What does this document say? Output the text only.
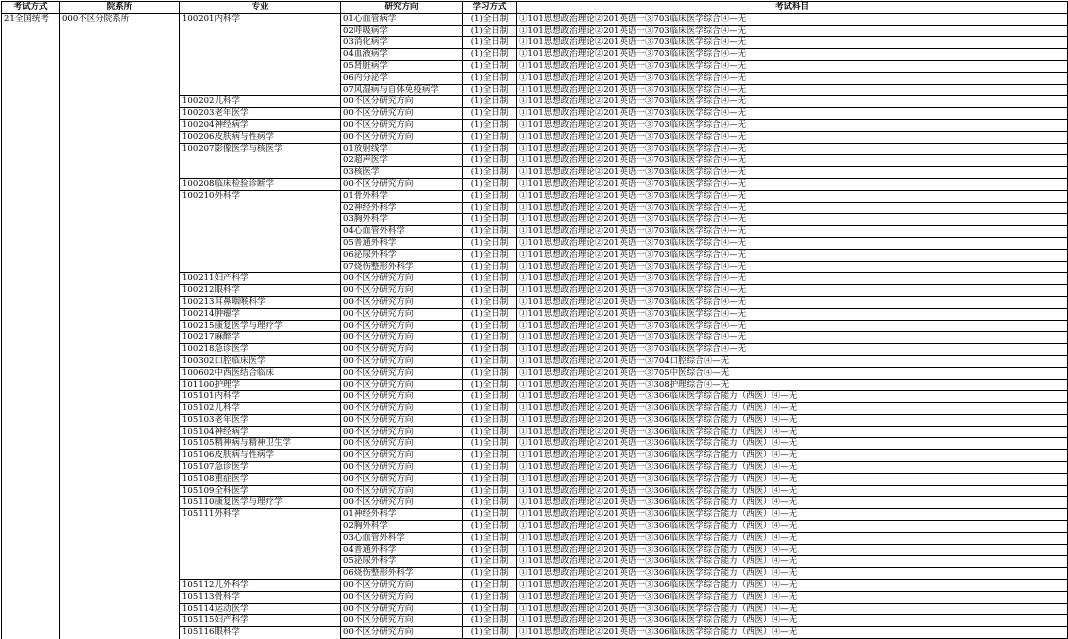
考试方式	院系所	专业	研究方向	学习方式	考试科目
21全国统考	000不区分院系所	100201内科学	01心血管病学	(1)全日制	①101思想政治理论②201英语一③703临床医学综合④—无
			02呼吸病学	(1)全日制	①101思想政治理论②201英语一③703临床医学综合④—无
			03消化病学	(1)全日制	①101思想政治理论②201英语一③703临床医学综合④—无
			04血液病学	(1)全日制	①101思想政治理论②201英语一③703临床医学综合④—无
			05肾脏病学	(1)全日制	①101思想政治理论②201英语一③703临床医学综合④—无
			06内分泌学	(1)全日制	①101思想政治理论②201英语一③703临床医学综合④—无
			07风湿病与自体免疫病学	(1)全日制	①101思想政治理论②201英语一③703临床医学综合④—无
		100202儿科学	00不区分研究方向	(1)全日制	①101思想政治理论②201英语一③703临床医学综合④—无
		100203老年医学	00不区分研究方向	(1)全日制	①101思想政治理论②201英语一③703临床医学综合④—无
		100204神经病学	00不区分研究方向	(1)全日制	①101思想政治理论②201英语一③703临床医学综合④—无
		100206皮肤病与性病学	00不区分研究方向	(1)全日制	①101思想政治理论②201英语一③703临床医学综合④—无
		100207影像医学与核医学	01放射线学	(1)全日制	①101思想政治理论②201英语一③703临床医学综合④—无
			02超声医学	(1)全日制	①101思想政治理论②201英语一③703临床医学综合④—无
			03核医学	(1)全日制	①101思想政治理论②201英语一③703临床医学综合④—无
		100208临床检验诊断学	00不区分研究方向	(1)全日制	①101思想政治理论②201英语一③703临床医学综合④—无
		100210外科学	01骨外科学	(1)全日制	①101思想政治理论②201英语一③703临床医学综合④—无
			02神经外科学	(1)全日制	①101思想政治理论②201英语一③703临床医学综合④—无
			03胸外科学	(1)全日制	①101思想政治理论②201英语一③703临床医学综合④—无
			04心血管外科学	(1)全日制	①101思想政治理论②201英语一③703临床医学综合④—无
			05普通外科学	(1)全日制	①101思想政治理论②201英语一③703临床医学综合④—无
			06泌尿外科学	(1)全日制	①101思想政治理论②201英语一③703临床医学综合④—无
			07烧伤整形外科学	(1)全日制	①101思想政治理论②201英语一③703临床医学综合④—无
		100211妇产科学	00不区分研究方向	(1)全日制	①101思想政治理论②201英语一③703临床医学综合④—无
		100212眼科学	00不区分研究方向	(1)全日制	①101思想政治理论②201英语一③703临床医学综合④—无
		100213耳鼻咽喉科学	00不区分研究方向	(1)全日制	①101思想政治理论②201英语一③703临床医学综合④—无
		100214肿瘤学	00不区分研究方向	(1)全日制	①101思想政治理论②201英语一③703临床医学综合④—无
		100215康复医学与理疗学	00不区分研究方向	(1)全日制	①101思想政治理论②201英语一③703临床医学综合④—无
		100217麻醉学	00不区分研究方向	(1)全日制	①101思想政治理论②201英语一③703临床医学综合④—无
		100218急诊医学	00不区分研究方向	(1)全日制	①101思想政治理论②201英语一③703临床医学综合④—无
		100302口腔临床医学	00不区分研究方向	(1)全日制	①101思想政治理论②201英语一③704口腔综合④—无
		100602中西医结合临床	00不区分研究方向	(1)全日制	①101思想政治理论②201英语一③705中医综合④—无
		101100护理学	00不区分研究方向	(1)全日制	①101思想政治理论②201英语一③308护理综合④—无
		105101内科学	00不区分研究方向	(1)全日制	①101思想政治理论②201英语一③306临床医学综合能力（西医）④—无
		105102儿科学	00不区分研究方向	(1)全日制	①101思想政治理论②201英语一③306临床医学综合能力（西医）④—无
		105103老年医学	00不区分研究方向	(1)全日制	①101思想政治理论②201英语一③306临床医学综合能力（西医）④—无
		105104神经病学	00不区分研究方向	(1)全日制	①101思想政治理论②201英语一③306临床医学综合能力（西医）④—无
		105105精神病与精神卫生学	00不区分研究方向	(1)全日制	①101思想政治理论②201英语一③306临床医学综合能力（西医）④—无
		105106皮肤病与性病学	00不区分研究方向	(1)全日制	①101思想政治理论②201英语一③306临床医学综合能力（西医）④—无
		105107急诊医学	00不区分研究方向	(1)全日制	①101思想政治理论②201英语一③306临床医学综合能力（西医）④—无
		105108重症医学	00不区分研究方向	(1)全日制	①101思想政治理论②201英语一③306临床医学综合能力（西医）④—无
		105109全科医学	00不区分研究方向	(1)全日制	①101思想政治理论②201英语一③306临床医学综合能力（西医）④—无
		105110康复医学与理疗学	00不区分研究方向	(1)全日制	①101思想政治理论②201英语一③306临床医学综合能力（西医）④—无
		105111外科学	01神经外科学	(1)全日制	①101思想政治理论②201英语一③306临床医学综合能力（西医）④—无
			02胸外科学	(1)全日制	①101思想政治理论②201英语一③306临床医学综合能力（西医）④—无
			03心血管外科学	(1)全日制	①101思想政治理论②201英语一③306临床医学综合能力（西医）④—无
			04普通外科学	(1)全日制	①101思想政治理论②201英语一③306临床医学综合能力（西医）④—无
			05泌尿外科学	(1)全日制	①101思想政治理论②201英语一③306临床医学综合能力（西医）④—无
			06烧伤整形外科学	(1)全日制	①101思想政治理论②201英语一③306临床医学综合能力（西医）④—无
		105112儿外科学	00不区分研究方向	(1)全日制	①101思想政治理论②201英语一③306临床医学综合能力（西医）④—无
		105113骨科学	00不区分研究方向	(1)全日制	①101思想政治理论②201英语一③306临床医学综合能力（西医）④—无
		105114运动医学	00不区分研究方向	(1)全日制	①101思想政治理论②201英语一③306临床医学综合能力（西医）④—无
		105115妇产科学	00不区分研究方向	(1)全日制	①101思想政治理论②201英语一③306临床医学综合能力（西医）④—无
		105116眼科学	00不区分研究方向	(1)全日制	①101思想政治理论②201英语一③306临床医学综合能力（西医）④—无
